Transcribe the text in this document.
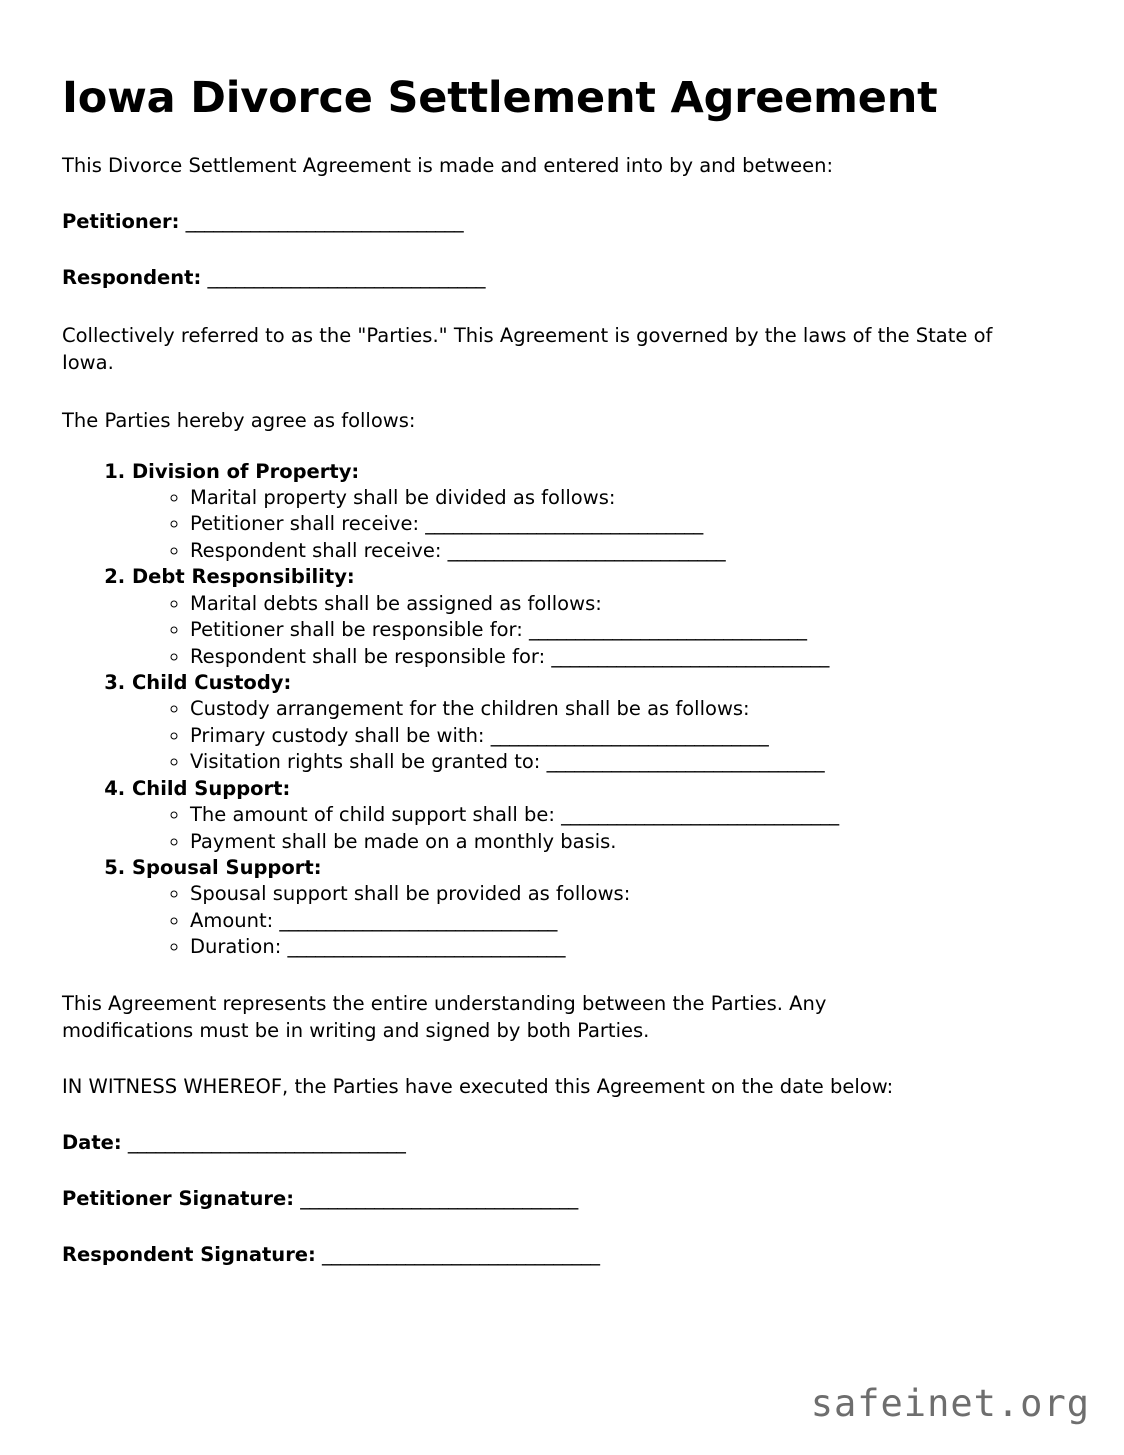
Iowa Divorce Settlement Agreement

This Divorce Settlement Agreement is made and entered into by and between:

Petitioner: ______________________________

Respondent: ______________________________

Collectively referred to as the "Parties." This Agreement is governed by the laws of the State of Iowa.

The Parties hereby agree as follows:

1. Division of Property:
◦ Marital property shall be divided as follows:
◦ Petitioner shall receive: ______________________________
◦ Respondent shall receive: ______________________________
2. Debt Responsibility:
◦ Marital debts shall be assigned as follows:
◦ Petitioner shall be responsible for: ______________________________
◦ Respondent shall be responsible for: ______________________________
3. Child Custody:
◦ Custody arrangement for the children shall be as follows:
◦ Primary custody shall be with: ______________________________
◦ Visitation rights shall be granted to: ______________________________
4. Child Support:
◦ The amount of child support shall be: ______________________________
◦ Payment shall be made on a monthly basis.
5. Spousal Support:
◦ Spousal support shall be provided as follows:
◦ Amount: ______________________________
◦ Duration: ______________________________

This Agreement represents the entire understanding between the Parties. Any modifications must be in writing and signed by both Parties.

IN WITNESS WHEREOF, the Parties have executed this Agreement on the date below:

Date: ______________________________

Petitioner Signature: ______________________________

Respondent Signature: ______________________________

safeinet.org
